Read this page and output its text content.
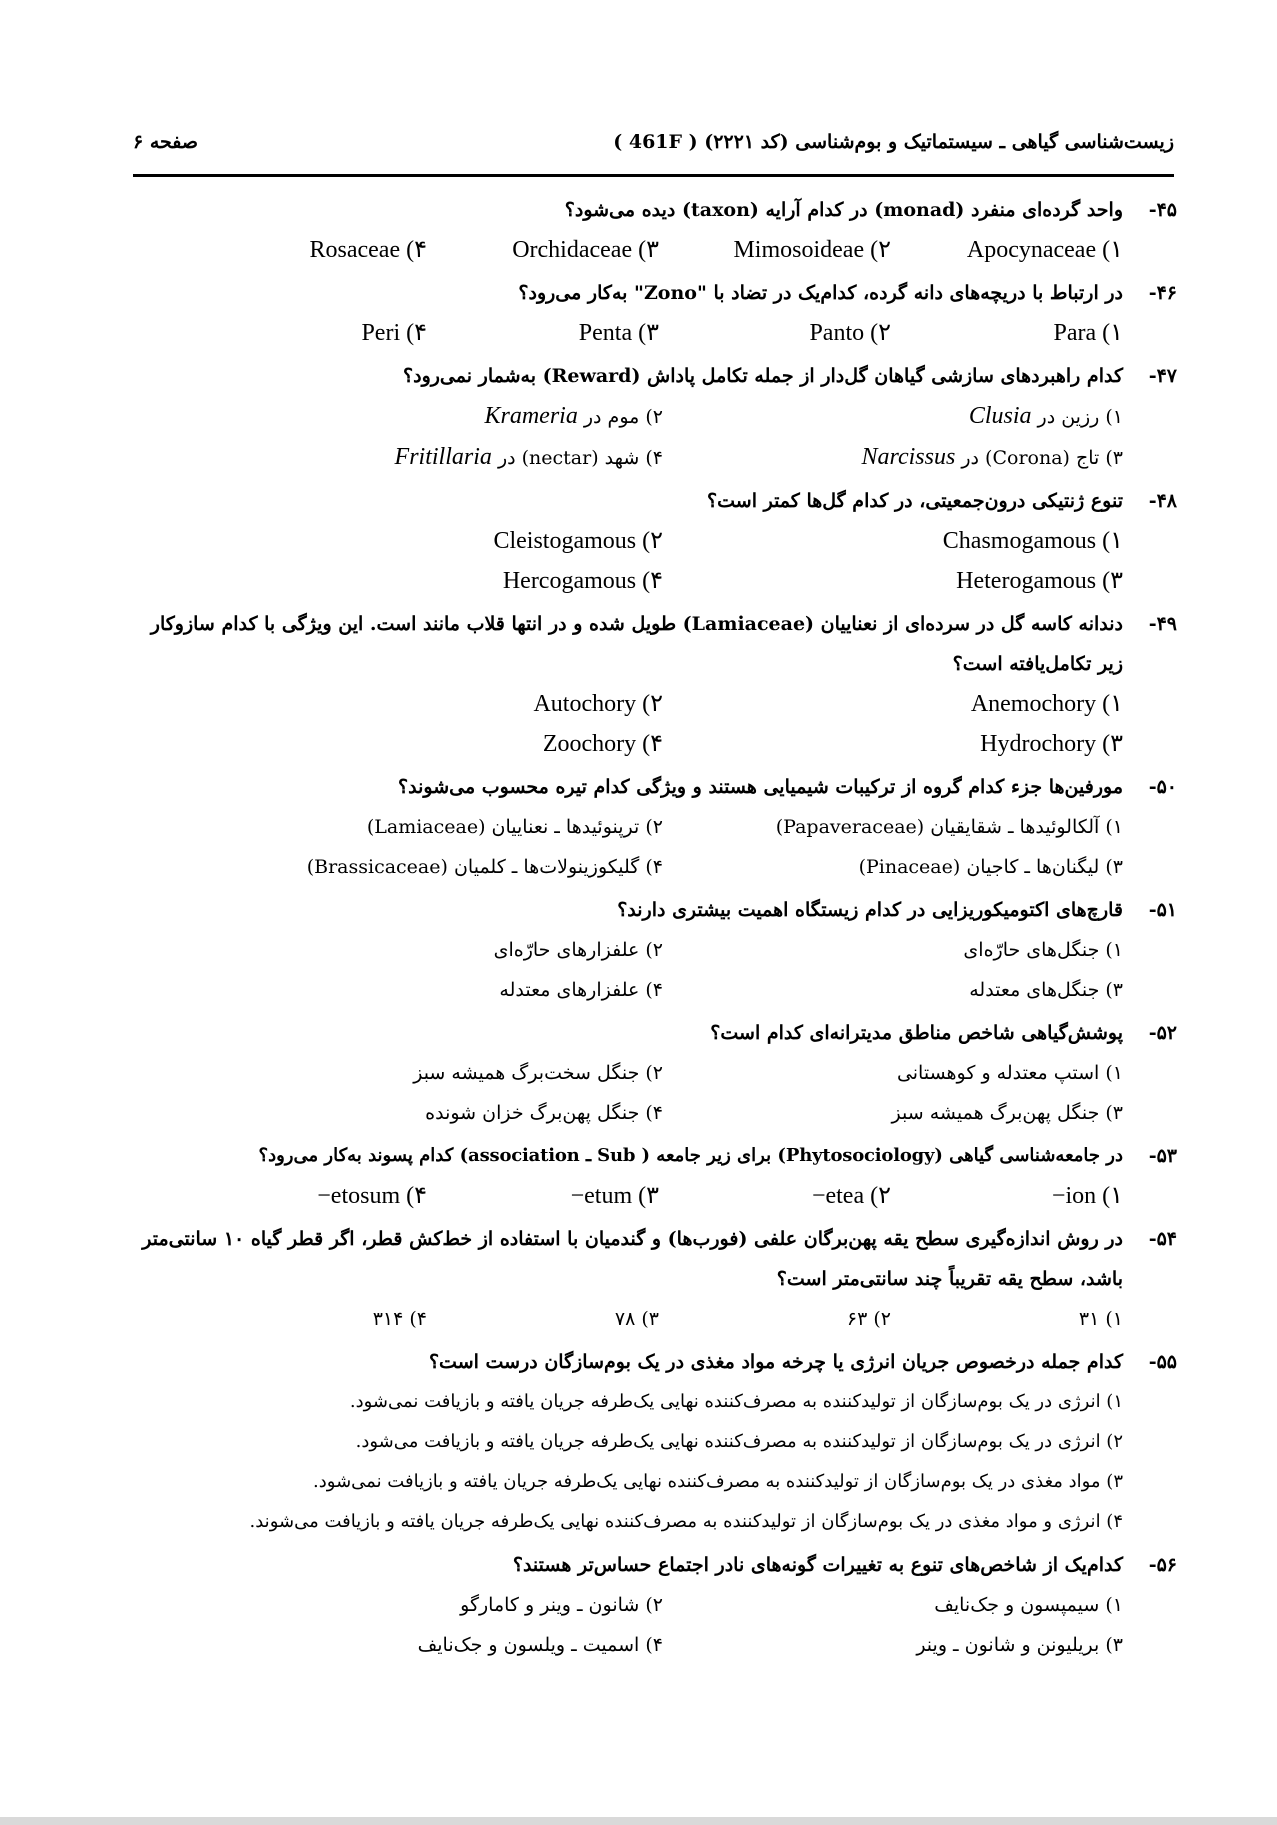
زیست‌شناسی گیاهی ـ سیستماتیک و بوم‌شناسی (کد ۲۲۲۱) ( 461F )
صفحه ۶
۴۵-
واحد گرده‌ای منفرد (monad) در کدام آرایه (taxon) دیده می‌شود؟
Apocynaceae (۱
Mimosoideae (۲
Orchidaceae (۳
Rosaceae (۴
۴۶-
در ارتباط با دریچه‌های دانه گرده، کدام‌یک در تضاد با "Zono" به‌کار می‌رود؟
Para (۱
Panto (۲
Penta (۳
Peri (۴
۴۷-
کدام راهبردهای سازشی گیاهان گل‌دار از جمله تکامل پاداش (Reward) به‌شمار نمی‌رود؟
۱) رزین در Clusia
۲) موم در Krameria
۳) تاج (Corona) در Narcissus
۴) شهد (nectar) در Fritillaria
۴۸-
تنوع ژنتیکی درون‌جمعیتی، در کدام گل‌ها کمتر است؟
Chasmogamous (۱
Cleistogamous (۲
Heterogamous (۳
Hercogamous (۴
۴۹-
دندانه کاسه گل در سرده‌ای از نعناییان (Lamiaceae) طویل شده و در انتها قلاب مانند است. این ویژگی با کدام سازوکار زیر تکامل‌یافته است؟
Anemochory (۱
Autochory (۲
Hydrochory (۳
Zoochory (۴
۵۰-
مورفین‌ها جزء کدام گروه از ترکیبات شیمیایی هستند و ویژگی کدام تیره محسوب می‌شوند؟
۱) آلکالوئیدها ـ شقایقیان (Papaveraceae)
۲) ترپنوئیدها ـ نعناییان (Lamiaceae)
۳) لیگنان‌ها ـ کاجیان (Pinaceae)
۴) گلیکوزینولات‌ها ـ کلمیان (Brassicaceae)
۵۱-
قارچ‌های اکتومیکوریزایی در کدام زیستگاه اهمیت بیشتری دارند؟
۱) جنگل‌های حارّه‌ای
۲) علفزارهای حارّه‌ای
۳) جنگل‌های معتدله
۴) علفزارهای معتدله
۵۲-
پوشش‌گیاهی شاخص مناطق مدیترانه‌ای کدام است؟
۱) استپ معتدله و کوهستانی
۲) جنگل سخت‌برگ همیشه سبز
۳) جنگل پهن‌برگ همیشه سبز
۴) جنگل پهن‌برگ خزان شونده
۵۳-
در جامعه‌شناسی گیاهی (Phytosociology) برای زیر جامعه ( Sub ـ association) کدام پسوند به‌کار می‌رود؟
‎−ion (۱
‎−etea (۲
‎−etum (۳
‎−etosum (۴
۵۴-
در روش اندازه‌گیری سطح یقه پهن‌برگان علفی (فورب‌ها) و گندمیان با استفاده از خط‌کش قطر، اگر قطر گیاه ۱۰ سانتی‌متر باشد، سطح یقه تقریباً چند سانتی‌متر است؟
۱) ۳۱
۲) ۶۳
۳) ۷۸
۴) ۳۱۴
۵۵-
کدام جمله درخصوص جریان انرژی یا چرخه مواد مغذی در یک بوم‌سازگان درست است؟
۱) انرژی در یک بوم‌سازگان از تولیدکننده به مصرف‌کننده نهایی یک‌طرفه جریان یافته و بازیافت نمی‌شود.
۲) انرژی در یک بوم‌سازگان از تولیدکننده به مصرف‌کننده نهایی یک‌طرفه جریان یافته و بازیافت می‌شود.
۳) مواد مغذی در یک بوم‌سازگان از تولیدکننده به مصرف‌کننده نهایی یک‌طرفه جریان یافته و بازیافت نمی‌شود.
۴) انرژی و مواد مغذی در یک بوم‌سازگان از تولیدکننده به مصرف‌کننده نهایی یک‌طرفه جریان یافته و بازیافت می‌شوند.
۵۶-
کدام‌یک از شاخص‌های تنوع به تغییرات گونه‌های نادر اجتماع حساس‌تر هستند؟
۱) سیمپسون و جک‌نایف
۲) شانون ـ وینر و کامارگو
۳) بریلیونن و شانون ـ وینر
۴) اسمیت ـ ویلسون و جک‌نایف
